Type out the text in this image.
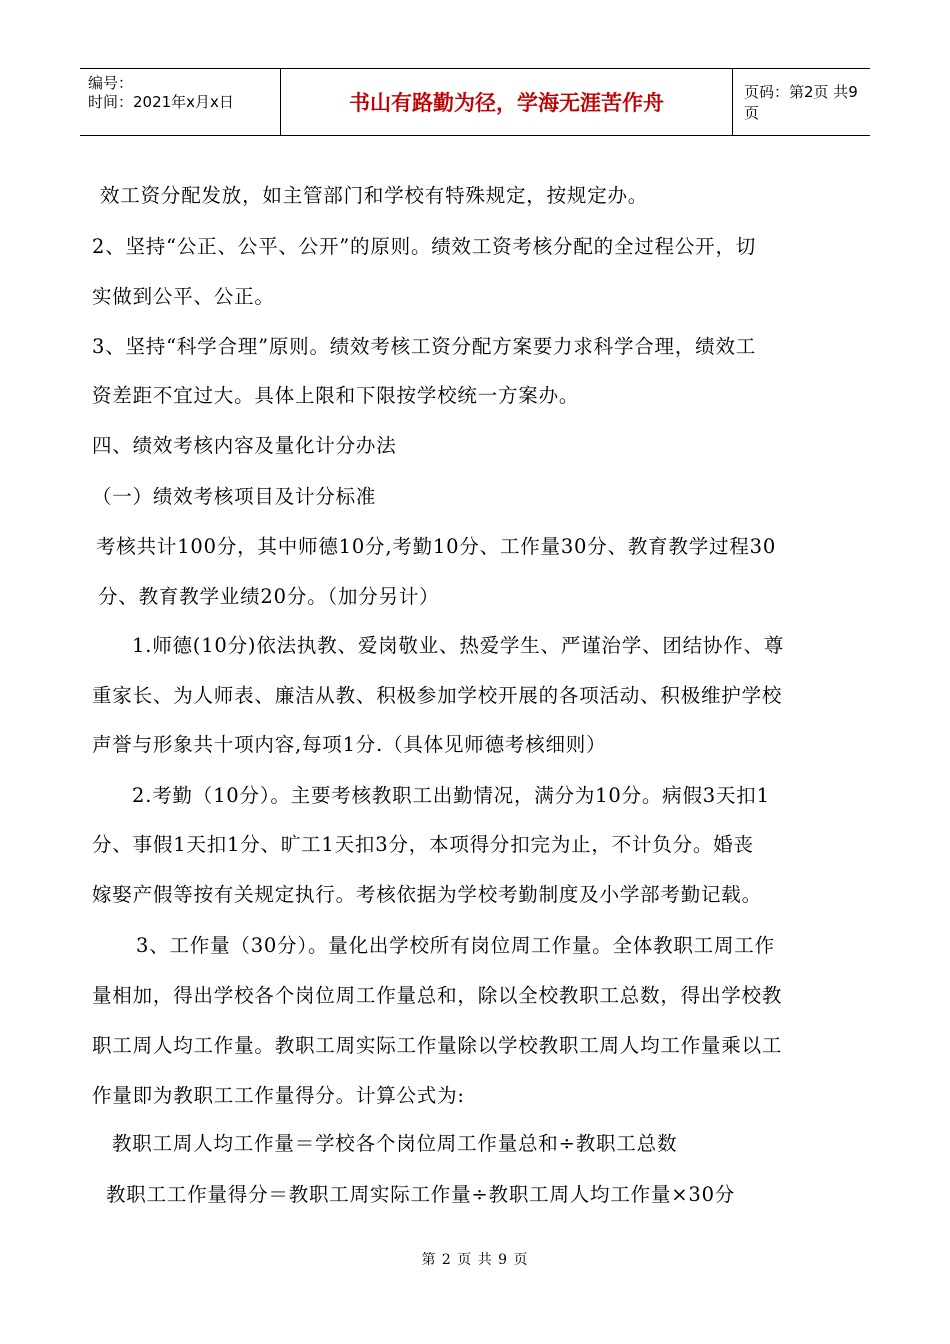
编号：
时间：2021年x月x日	书山有路勤为径，学海无涯苦作舟	页码：第2页 共9页
效工资分配发放，如主管部门和学校有特殊规定，按规定办。
2、坚持“公正、公平、公开”的原则。绩效工资考核分配的全过程公开，切
实做到公平、公正。
3、坚持“科学合理”原则。绩效考核工资分配方案要力求科学合理，绩效工
资差距不宜过大。具体上限和下限按学校统一方案办。
四、绩效考核内容及量化计分办法
（一）绩效考核项目及计分标准
考核共计100分，其中师德10分,考勤10分、工作量30分、教育教学过程30
分、教育教学业绩20分。（加分另计）
1.师德(10分)依法执教、爱岗敬业、热爱学生、严谨治学、团结协作、尊
重家长、为人师表、廉洁从教、积极参加学校开展的各项活动、积极维护学校
声誉与形象共十项内容,每项1分.（具体见师德考核细则）
2.考勤（10分）。主要考核教职工出勤情况，满分为10分。病假3天扣1
分、事假1天扣1分、旷工1天扣3分，本项得分扣完为止，不计负分。婚丧
嫁娶产假等按有关规定执行。考核依据为学校考勤制度及小学部考勤记载。
3、工作量（30分）。量化出学校所有岗位周工作量。全体教职工周工作
量相加，得出学校各个岗位周工作量总和，除以全校教职工总数，得出学校教
职工周人均工作量。教职工周实际工作量除以学校教职工周人均工作量乘以工
作量即为教职工工作量得分。计算公式为:
教职工周人均工作量＝学校各个岗位周工作量总和÷教职工总数
教职工工作量得分＝教职工周实际工作量÷教职工周人均工作量×30分
第 2 页 共 9 页
